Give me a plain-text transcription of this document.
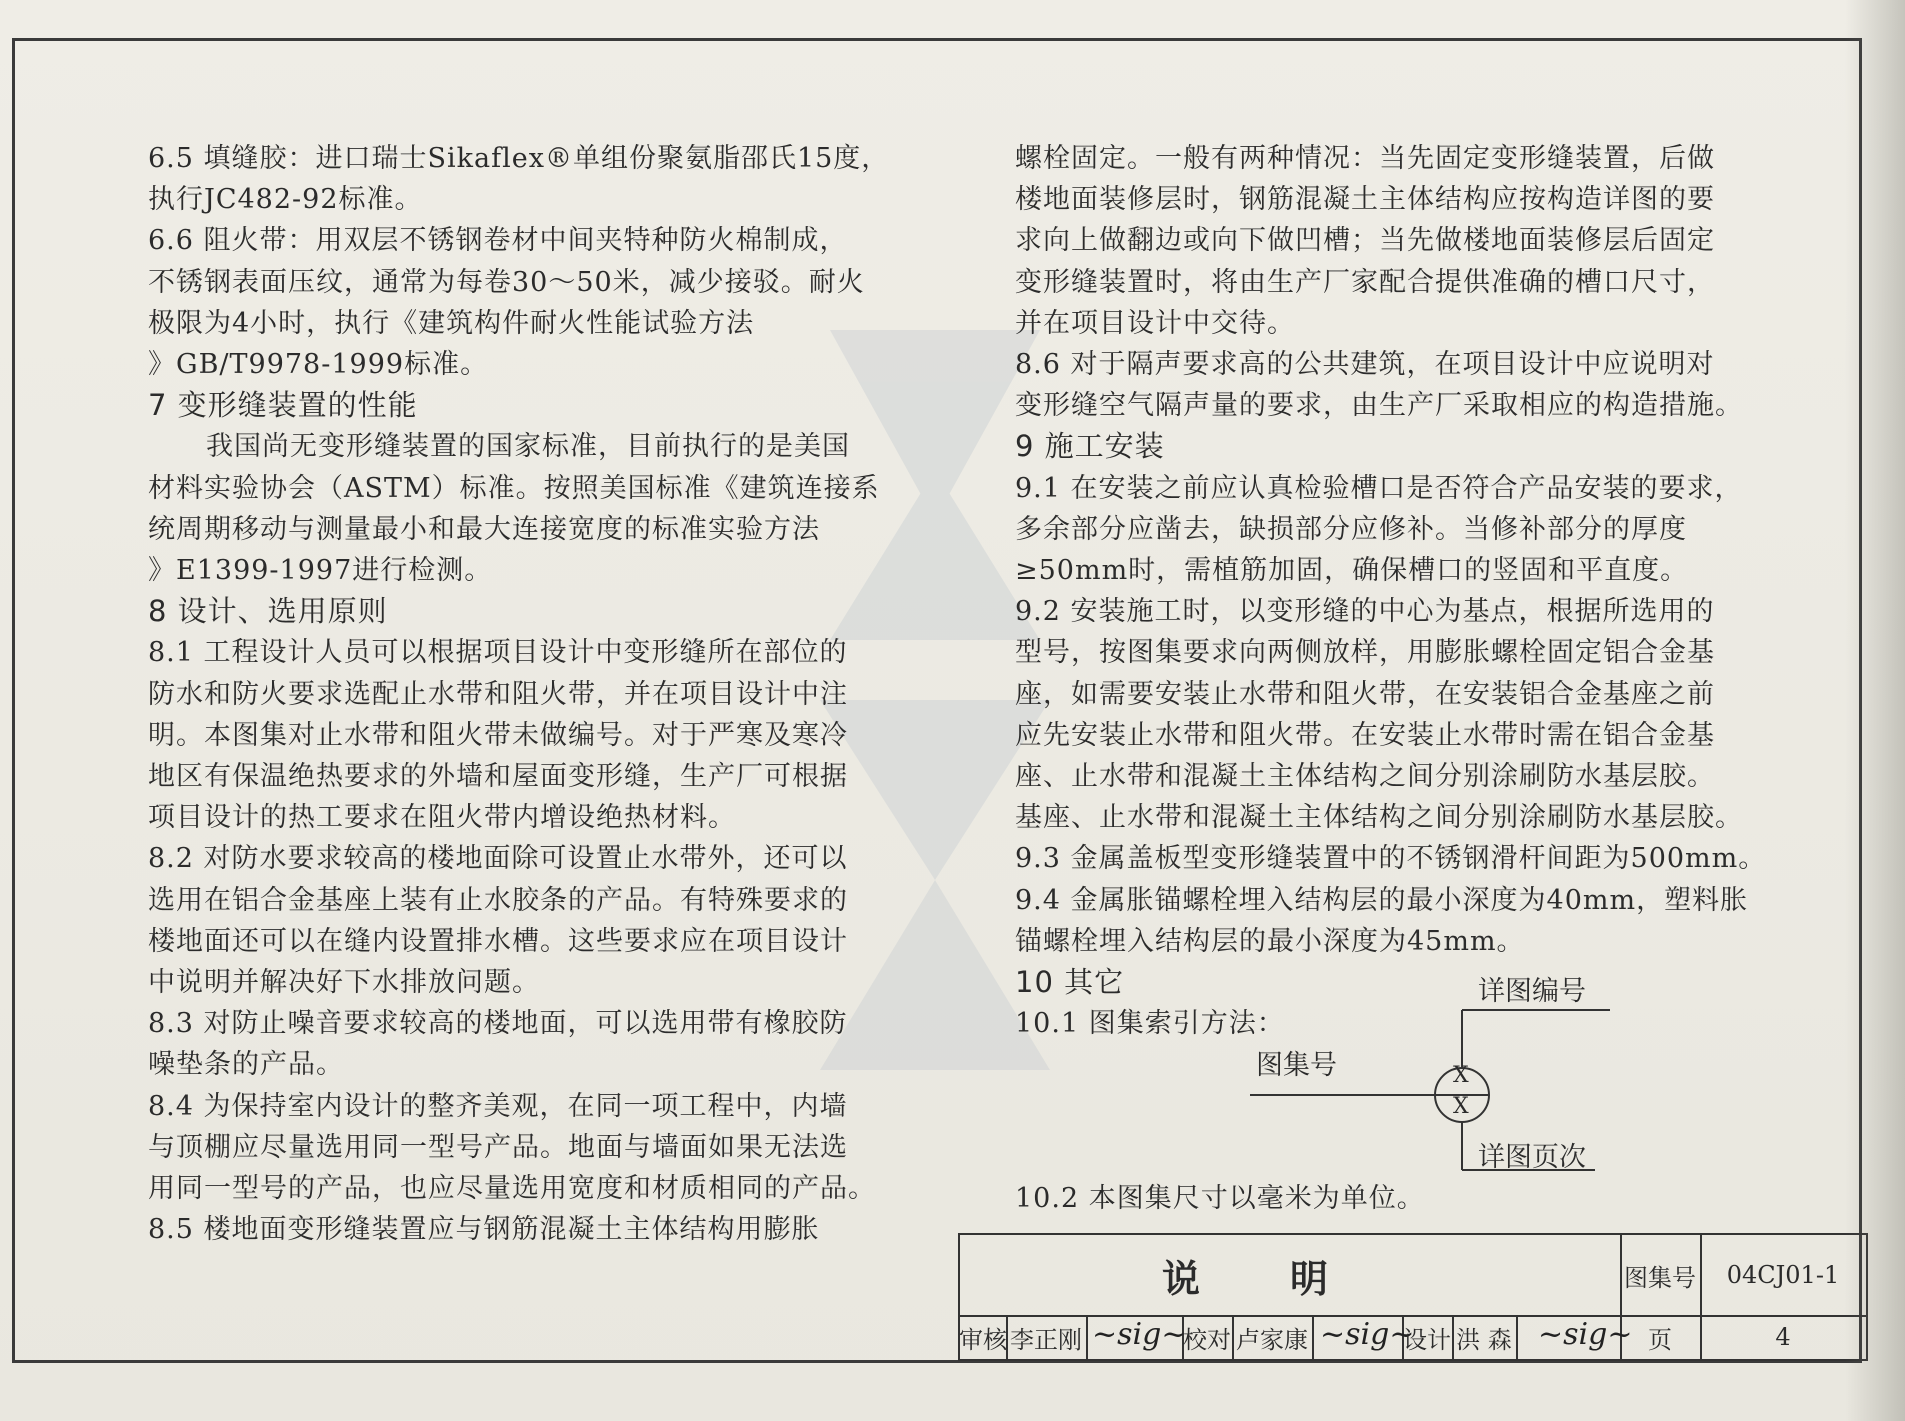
6.5 填缝胶：进口瑞士Sikaflex®单组份聚氨脂邵氏15度，
执行JC482-92标准。
6.6 阻火带：用双层不锈钢卷材中间夹特种防火棉制成，
不锈钢表面压纹，通常为每卷30～50米，减少接驳。耐火
极限为4小时，执行《建筑构件耐火性能试验方法
》GB/T9978-1999标准。
7 变形缝装置的性能
我国尚无变形缝装置的国家标准，目前执行的是美国
材料实验协会（ASTM）标准。按照美国标准《建筑连接系
统周期移动与测量最小和最大连接宽度的标准实验方法
》E1399-1997进行检测。
8 设计、选用原则
8.1 工程设计人员可以根据项目设计中变形缝所在部位的
防水和防火要求选配止水带和阻火带，并在项目设计中注
明。本图集对止水带和阻火带未做编号。对于严寒及寒冷
地区有保温绝热要求的外墙和屋面变形缝，生产厂可根据
项目设计的热工要求在阻火带内增设绝热材料。
8.2 对防水要求较高的楼地面除可设置止水带外，还可以
选用在铝合金基座上装有止水胶条的产品。有特殊要求的
楼地面还可以在缝内设置排水槽。这些要求应在项目设计
中说明并解决好下水排放问题。
8.3 对防止噪音要求较高的楼地面，可以选用带有橡胶防
噪垫条的产品。
8.4 为保持室内设计的整齐美观，在同一项工程中，内墙
与顶棚应尽量选用同一型号产品。地面与墙面如果无法选
用同一型号的产品，也应尽量选用宽度和材质相同的产品。
8.5 楼地面变形缝装置应与钢筋混凝土主体结构用膨胀
螺栓固定。一般有两种情况：当先固定变形缝装置，后做
楼地面装修层时，钢筋混凝土主体结构应按构造详图的要
求向上做翻边或向下做凹槽；当先做楼地面装修层后固定
变形缝装置时，将由生产厂家配合提供准确的槽口尺寸，
并在项目设计中交待。
8.6 对于隔声要求高的公共建筑，在项目设计中应说明对
变形缝空气隔声量的要求，由生产厂采取相应的构造措施。
9 施工安装
9.1 在安装之前应认真检验槽口是否符合产品安装的要求，
多余部分应凿去，缺损部分应修补。当修补部分的厚度
≥50mm时，需植筋加固，确保槽口的竖固和平直度。
9.2 安装施工时，以变形缝的中心为基点，根据所选用的
型号，按图集要求向两侧放样，用膨胀螺栓固定铝合金基
座，如需要安装止水带和阻火带，在安装铝合金基座之前
应先安装止水带和阻火带。在安装止水带时需在铝合金基
座、止水带和混凝土主体结构之间分别涂刷防水基层胶。
基座、止水带和混凝土主体结构之间分别涂刷防水基层胶。
9.3 金属盖板型变形缝装置中的不锈钢滑杆间距为500mm。
9.4 金属胀锚螺栓埋入结构层的最小深度为40mm，塑料胀
锚螺栓埋入结构层的最小深度为45mm。
10 其它
10.1 图集索引方法：
详图编号
图集号
详图页次
X
X
10.2 本图集尺寸以毫米为单位。
说明	图集号	04CJ01-1
审核 李正刚 ~sig~
校对 卢家康 ~sig~
设计 洪 森 ~sig~ 页	4
